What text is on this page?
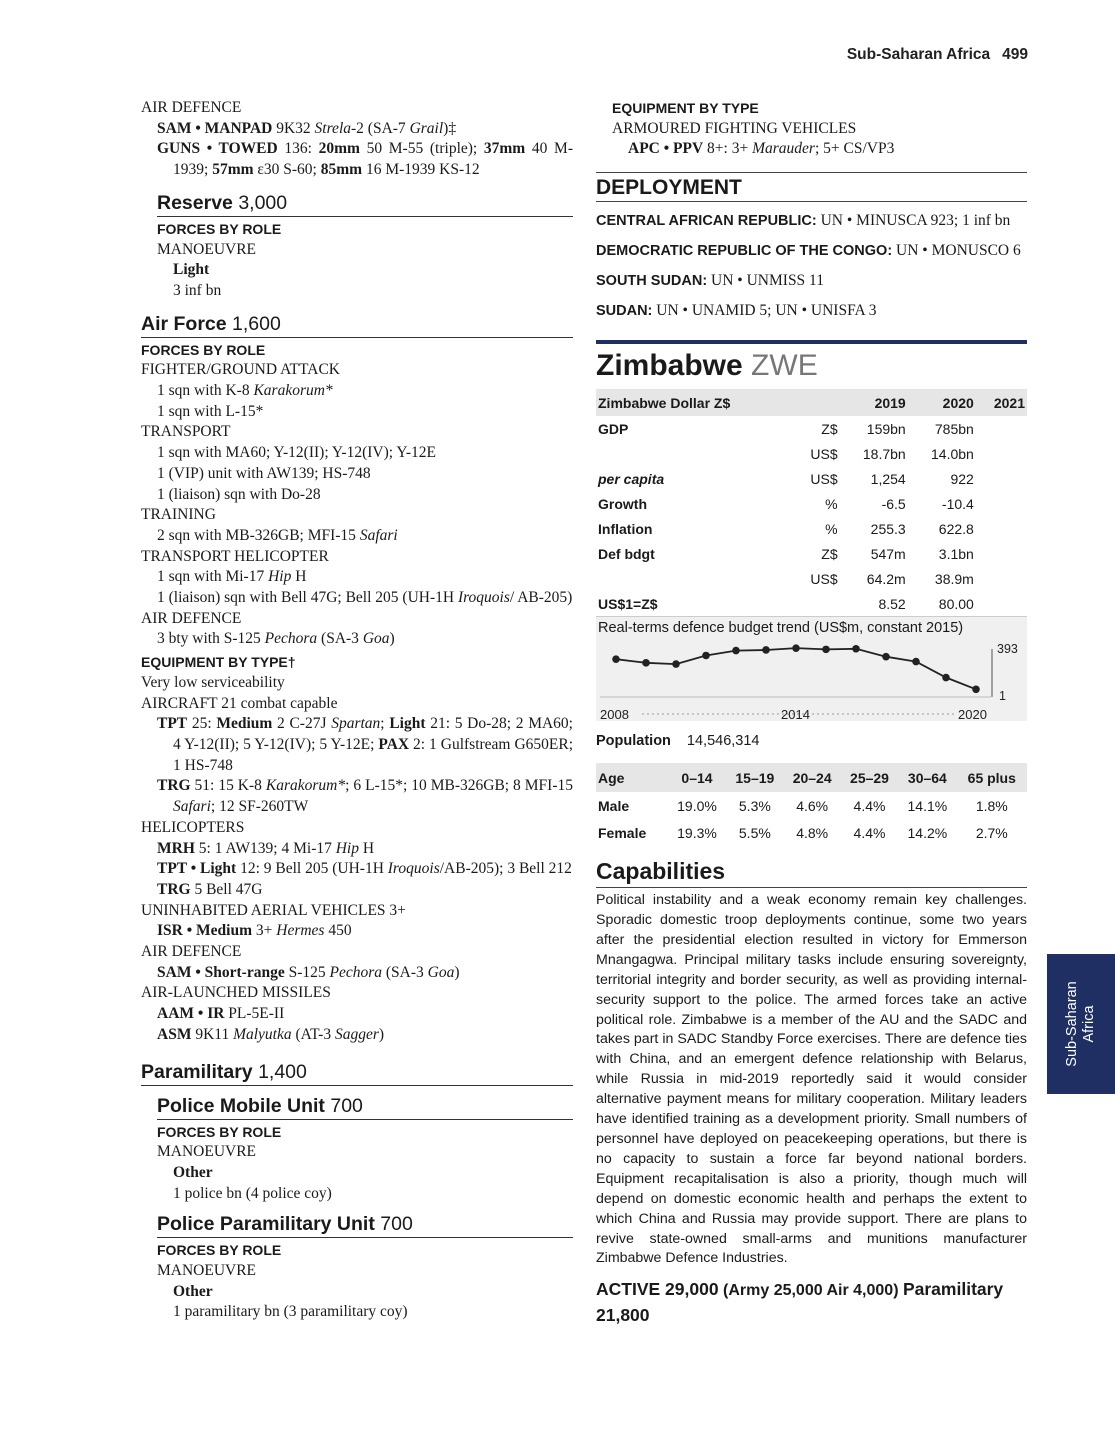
Sub-Saharan Africa 499
AIR DEFENCE
SAM • MANPAD 9K32 Strela-2 (SA-7 Grail)‡
GUNS • TOWED 136: 20mm 50 M-55 (triple); 37mm 40 M-1939; 57mm ε30 S-60; 85mm 16 M-1939 KS-12
Reserve 3,000
FORCES BY ROLE
MANOEUVRE
Light
3 inf bn
Air Force 1,600
FORCES BY ROLE
FIGHTER/GROUND ATTACK
1 sqn with K-8 Karakorum*
1 sqn with L-15*
TRANSPORT
1 sqn with MA60; Y-12(II); Y-12(IV); Y-12E
1 (VIP) unit with AW139; HS-748
1 (liaison) sqn with Do-28
TRAINING
2 sqn with MB-326GB; MFI-15 Safari
TRANSPORT HELICOPTER
1 sqn with Mi-17 Hip H
1 (liaison) sqn with Bell 47G; Bell 205 (UH-1H Iroquois/ AB-205)
AIR DEFENCE
3 bty with S-125 Pechora (SA-3 Goa)
EQUIPMENT BY TYPE†
Very low serviceability
AIRCRAFT 21 combat capable
TPT 25: Medium 2 C-27J Spartan; Light 21: 5 Do-28; 2 MA60; 4 Y-12(II); 5 Y-12(IV); 5 Y-12E; PAX 2: 1 Gulfstream G650ER; 1 HS-748
TRG 51: 15 K-8 Karakorum*; 6 L-15*; 10 MB-326GB; 8 MFI-15 Safari; 12 SF-260TW
HELICOPTERS
MRH 5: 1 AW139; 4 Mi-17 Hip H
TPT • Light 12: 9 Bell 205 (UH-1H Iroquois/AB-205); 3 Bell 212
TRG 5 Bell 47G
UNINHABITED AERIAL VEHICLES 3+
ISR • Medium 3+ Hermes 450
AIR DEFENCE
SAM • Short-range S-125 Pechora (SA-3 Goa)
AIR-LAUNCHED MISSILES
AAM • IR PL-5E-II
ASM 9K11 Malyutka (AT-3 Sagger)
Paramilitary 1,400
Police Mobile Unit 700
FORCES BY ROLE
MANOEUVRE
Other
1 police bn (4 police coy)
Police Paramilitary Unit 700
FORCES BY ROLE
MANOEUVRE
Other
1 paramilitary bn (3 paramilitary coy)
EQUIPMENT BY TYPE
ARMOURED FIGHTING VEHICLES
APC • PPV 8+: 3+ Marauder; 5+ CS/VP3
DEPLOYMENT
CENTRAL AFRICAN REPUBLIC: UN • MINUSCA 923; 1 inf bn
DEMOCRATIC REPUBLIC OF THE CONGO: UN • MONUSCO 6
SOUTH SUDAN: UN • UNMISS 11
SUDAN: UN • UNAMID 5; UN • UNISFA 3
Zimbabwe ZWE
Zimbabwe Dollar Z$		2019	2020	2021
GDP	Z$	159bn	785bn	
	US$	18.7bn	14.0bn	
per capita	US$	1,254	922	
Growth	%	-6.5	-10.4	
Inflation	%	255.3	622.8	
Def bdgt	Z$	547m	3.1bn	
	US$	64.2m	38.9m	
US$1=Z$		8.52	80.00	
Real-terms defence budget trend (US$m, constant 2015)
393
1
2008	2014	2020
Population 14,546,314
Age	0–14	15–19	20–24	25–29	30–64	65 plus
Male	19.0%	5.3%	4.6%	4.4%	14.1%	1.8%
Female	19.3%	5.5%	4.8%	4.4%	14.2%	2.7%
Capabilities
Political instability and a weak economy remain key challenges. Sporadic domestic troop deployments continue, some two years after the presidential election resulted in victory for Emmerson Mnangagwa. Principal military tasks include ensuring sovereignty, territorial integrity and border security, as well as providing internal-security support to the police. The armed forces take an active political role. Zimbabwe is a member of the AU and the SADC and takes part in SADC Standby Force exercises. There are defence ties with China, and an emergent defence relationship with Belarus, while Russia in mid-2019 reportedly said it would consider alternative payment means for military cooperation. Military leaders have identified training as a development priority. Small numbers of personnel have deployed on peacekeeping operations, but there is no capacity to sustain a force far beyond national borders. Equipment recapitalisation is also a priority, though much will depend on domestic economic health and perhaps the extent to which China and Russia may provide support. There are plans to revive state-owned small-arms and munitions manufacturer Zimbabwe Defence Industries.
ACTIVE 29,000 (Army 25,000 Air 4,000) Paramilitary 21,800
Sub-Saharan
Africa
